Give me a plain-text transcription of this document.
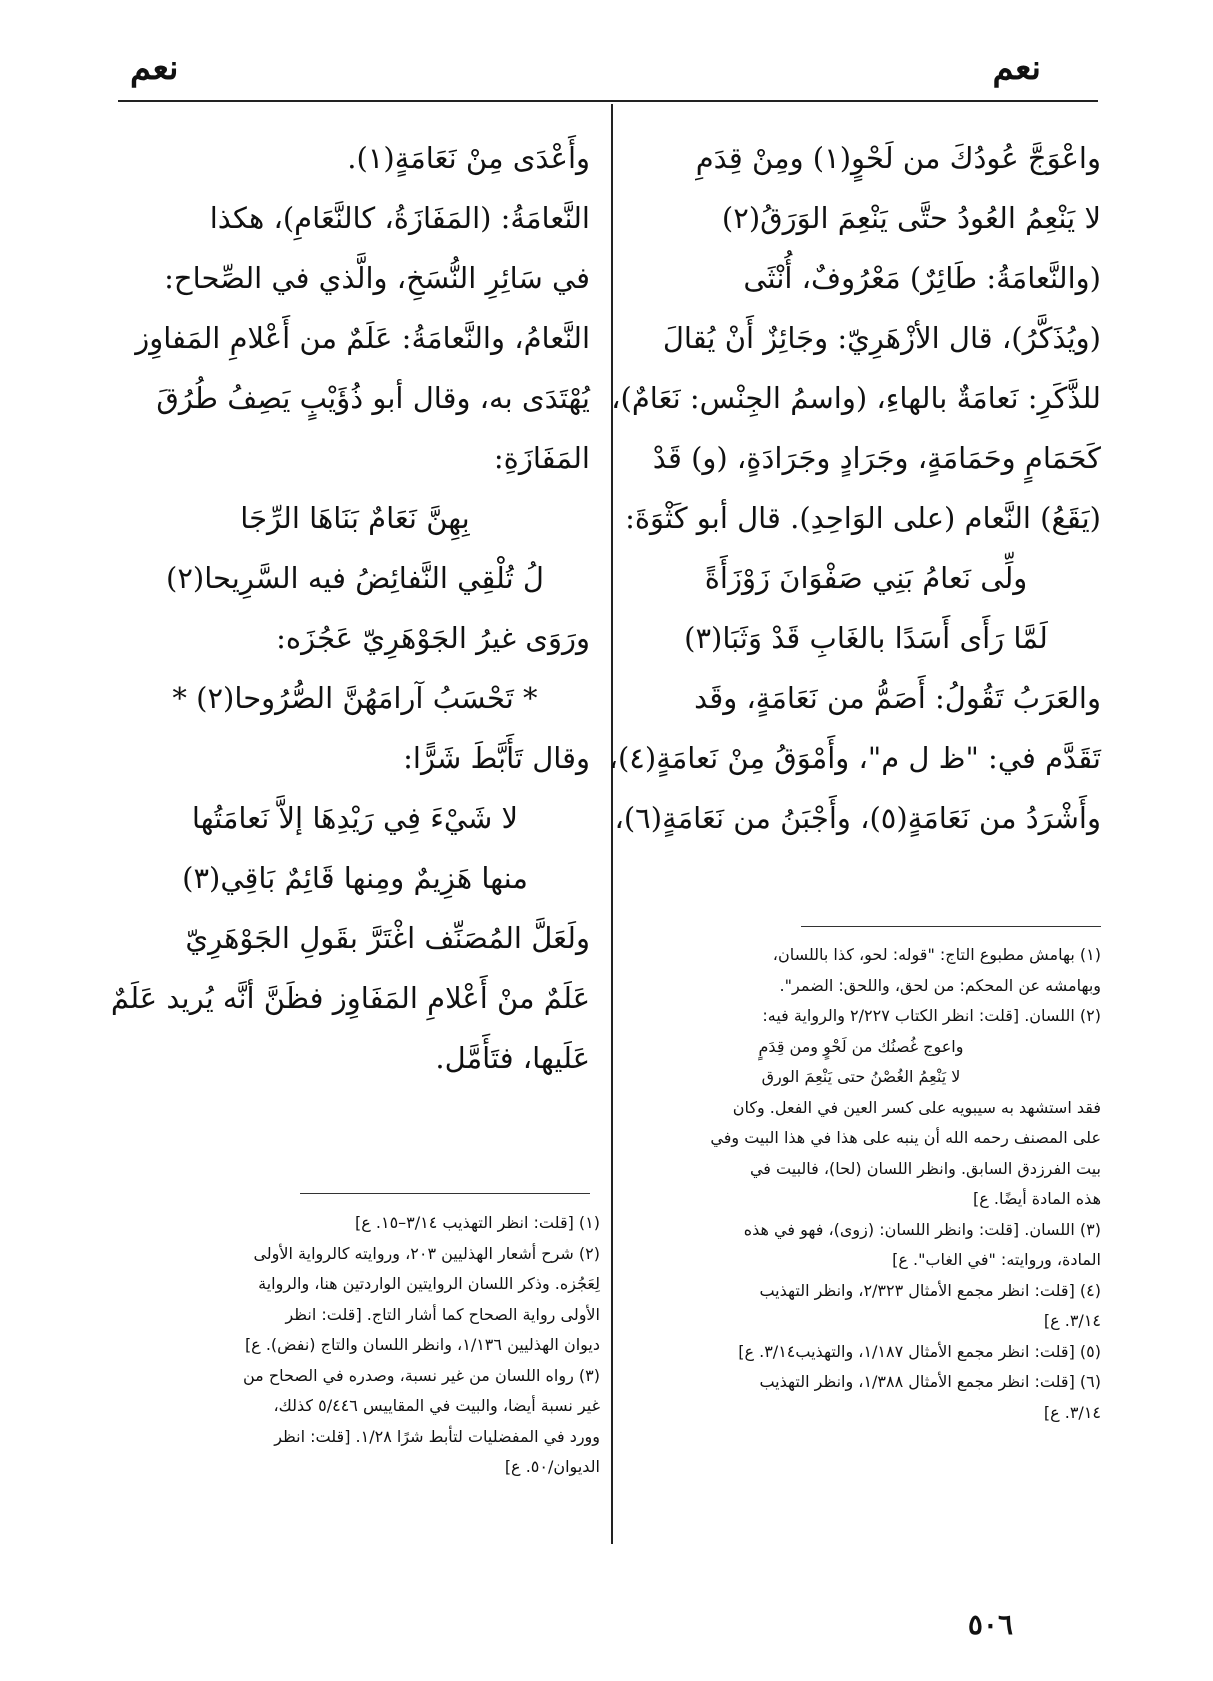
نعم
نعم
واعْوَجَّ عُودُكَ من لَحْوٍ(١) ومِنْ قِدَمِ
لا يَنْعِمُ العُودُ حتَّى يَنْعِمَ الوَرَقُ(٢)
(والنَّعامَةُ: طَائِرٌ) مَعْرُوفٌ، أُنْثَى
(ويُذَكَّرُ)، قال الأزْهَرِيّ: وجَائِزٌ أَنْ يُقالَ
للذَّكَرِ: نَعامَةٌ بالهاءِ، (واسمُ الجِنْس: نَعَامٌ)،
كَحَمَامٍ وحَمَامَةٍ، وجَرَادٍ وجَرَادَةٍ، (و) قَدْ
(يَقَعُ) النَّعام (على الوَاحِدِ). قال أبو كَثْوَةَ:
ولِّى نَعامُ بَنِي صَفْوَانَ زَوْزَأَةً
لَمَّا رَأَى أَسَدًا بالغَابِ قَدْ وَثَبَا(٣)
والعَرَبُ تَقُولُ: أَصَمُّ من نَعَامَةٍ، وقَد
تَقَدَّم في: "ظ ل م"، وأَمْوَقُ مِنْ نَعامَةٍ(٤)،
وأَشْرَدُ من نَعَامَةٍ(٥)، وأَجْبَنُ من نَعَامَةٍ(٦)،
وأَعْدَى مِنْ نَعَامَةٍ(١).
النَّعامَةُ: (المَفَازَةُ، كالنَّعَامِ)، هكذا
في سَائِرِ النُّسَخِ، والَّذي في الصِّحاح:
النَّعامُ، والنَّعامَةُ: عَلَمٌ من أَعْلامِ المَفاوِز
يُهْتَدَى به، وقال أبو ذُؤَيْبٍ يَصِفُ طُرُقَ
المَفَازَةِ:
بِهِنَّ نَعَامٌ بَنَاهَا الرِّجَا
لُ تُلْقِي النَّفائِضُ فيه السَّرِيحا(٢)
ورَوَى غيرُ الجَوْهَرِيّ عَجُزَه:
* تَحْسَبُ آرامَهُنَّ الصُّرُوحا(٢) *
وقال تَأَبَّطَ شَرًّا:
لا شَيْءَ فِي رَيْدِهَا إلاَّ نَعامَتُها
منها هَزِيمٌ ومِنها قَائِمٌ بَاقِي(٣)
ولَعَلَّ المُصَنِّف اغْتَرَّ بقَولِ الجَوْهَرِيّ
عَلَمٌ منْ أَعْلامِ المَفَاوِز فظَنَّ أنَّه يُريد عَلَمٌ
عَلَيها، فتَأَمَّل.
(١) بهامش مطبوع التاج: "قوله: لحو، كذا باللسان،
وبهامشه عن المحكم: من لحق، واللحق: الضمر".
(٢) اللسان. [قلت: انظر الكتاب ٢/٢٢٧ والرواية فيه:
واعوج غُصنُك من لَحْوٍ ومن قِدَمٍ
لا يَنْعِمُ الغُصْنُ حتى يَنْعِمَ الورق
فقد استشهد به سيبويه على كسر العين في الفعل. وكان
على المصنف رحمه الله أن ينبه على هذا في هذا البيت وفي
بيت الفرزدق السابق. وانظر اللسان (لحا)، فالبيت في
هذه المادة أيضًا. ع]
(٣) اللسان. [قلت: وانظر اللسان: (زوى)، فهو في هذه
المادة، وروايته: "في الغاب". ع]
(٤) [قلت: انظر مجمع الأمثال ٢/٣٢٣، وانظر التهذيب
٣/١٤. ع]
(٥) [قلت: انظر مجمع الأمثال ١/١٨٧، والتهذيب٣/١٤. ع]
(٦) [قلت: انظر مجمع الأمثال ١/٣٨٨، وانظر التهذيب
٣/١٤. ع]
(١) [قلت: انظر التهذيب ٣/١٤–١٥. ع]
(٢) شرح أشعار الهذليين ٢٠٣، وروايته كالرواية الأولى
لِعَجُزه. وذكر اللسان الروايتين الواردتين هنا، والرواية
الأولى رواية الصحاح كما أشار التاج. [قلت: انظر
ديوان الهذليين ١/١٣٦، وانظر اللسان والتاج (نفض). ع]
(٣) رواه اللسان من غير نسبة، وصدره في الصحاح من
غير نسبة أيضا، والبيت في المقاييس ٥/٤٤٦ كذلك،
وورد في المفضليات لتأبط شرًا ١/٢٨. [قلت: انظر
الديوان/٥٠. ع]
٥٠٦
